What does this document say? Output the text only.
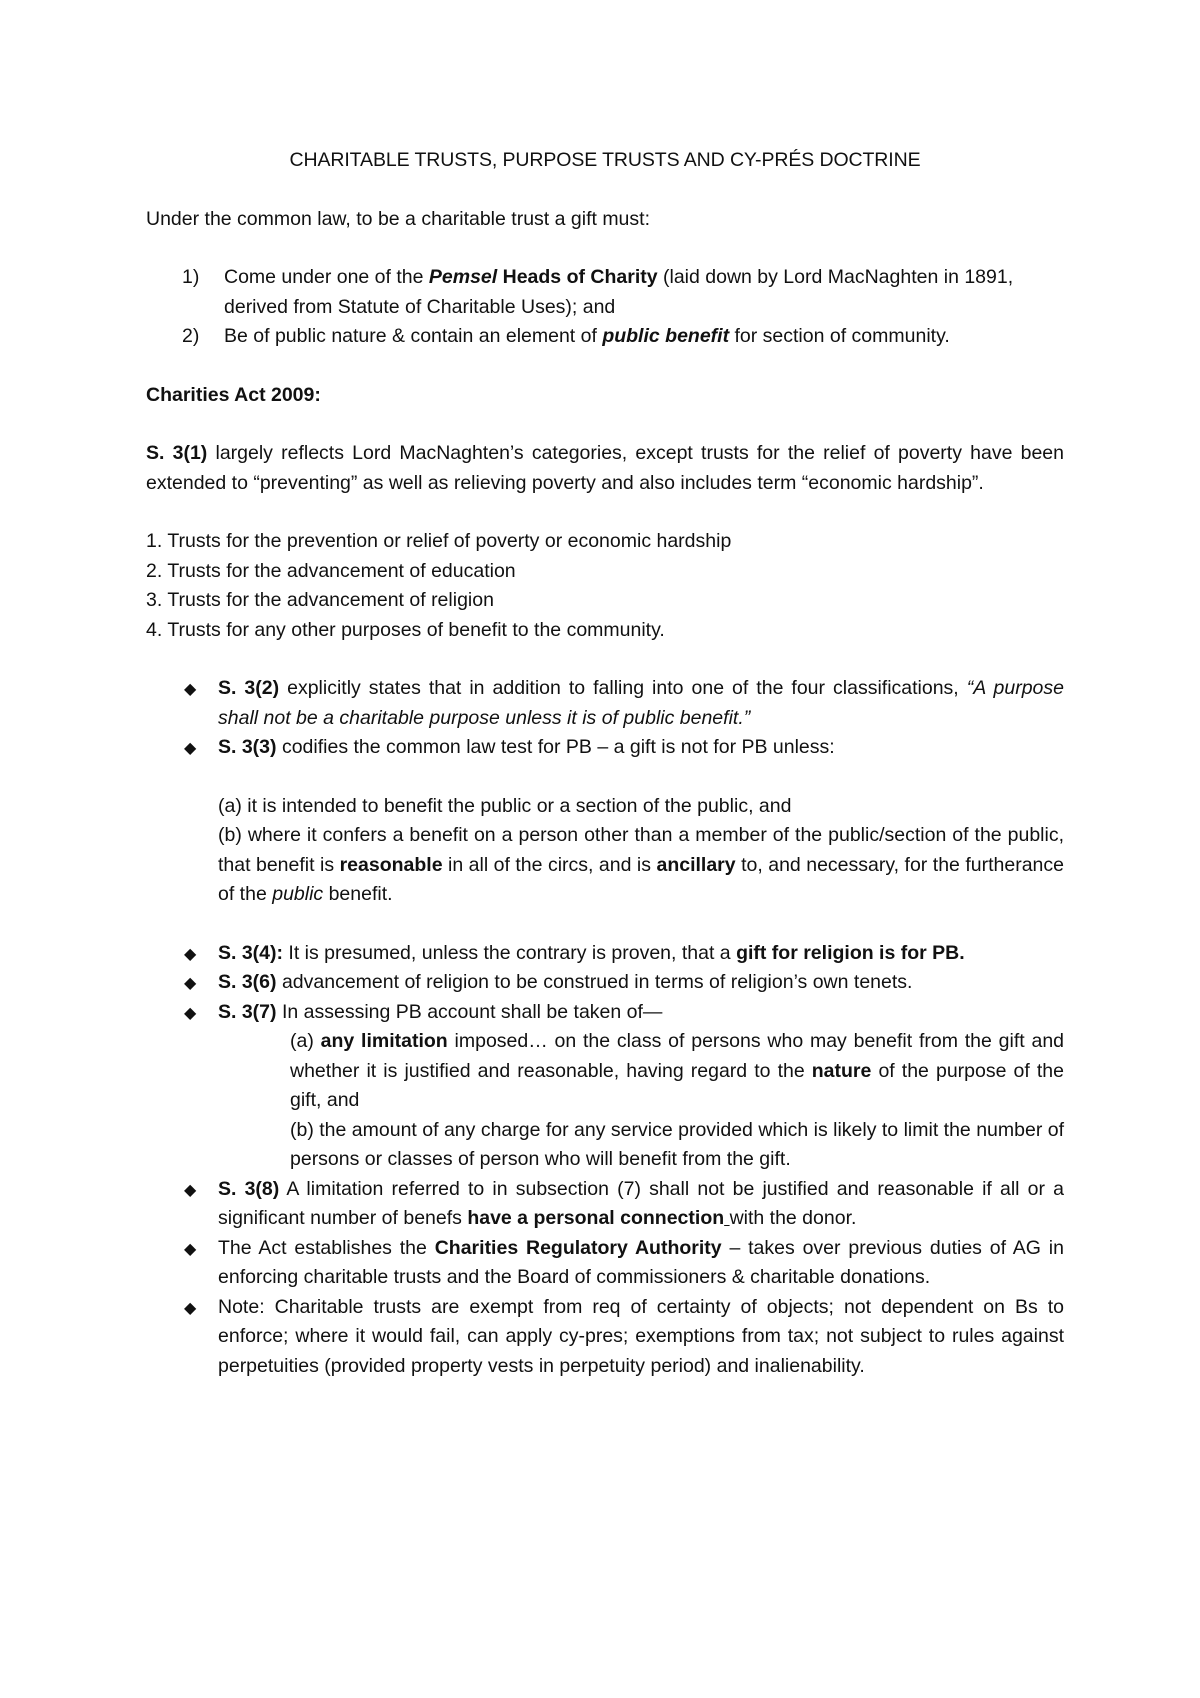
CHARITABLE TRUSTS, PURPOSE TRUSTS AND CY-PRÉS DOCTRINE

Under the common law, to be a charitable trust a gift must:

1) Come under one of the Pemsel Heads of Charity (laid down by Lord MacNaghten in 1891, derived from Statute of Charitable Uses); and
2) Be of public nature & contain an element of public benefit for section of community.

Charities Act 2009:

S. 3(1) largely reflects Lord MacNaghten’s categories, except trusts for the relief of poverty have been extended to “preventing” as well as relieving poverty and also includes term “economic hardship”.

1. Trusts for the prevention or relief of poverty or economic hardship

2. Trusts for the advancement of education

3. Trusts for the advancement of religion

4. Trusts for any other purposes of benefit to the community.

◆ S. 3(2) explicitly states that in addition to falling into one of the four classifications, “A purpose shall not be a charitable purpose unless it is of public benefit.”
◆ S. 3(3) codifies the common law test for PB – a gift is not for PB unless:

(a) it is intended to benefit the public or a section of the public, and

(b) where it confers a benefit on a person other than a member of the public/section of the public, that benefit is reasonable in all of the circs, and is ancillary to, and necessary, for the furtherance of the public benefit.

◆ S. 3(4): It is presumed, unless the contrary is proven, that a gift for religion is for PB.
◆ S. 3(6) advancement of religion to be construed in terms of religion’s own tenets.
◆ S. 3(7) In assessing PB account shall be taken of—

(a) any limitation imposed… on the class of persons who may benefit from the gift and whether it is justified and reasonable, having regard to the nature of the purpose of the gift, and

(b) the amount of any charge for any service provided which is likely to limit the number of persons or classes of person who will benefit from the gift.

◆ S. 3(8) A limitation referred to in subsection (7) shall not be justified and reasonable if all or a significant number of benefs have a personal connection with the donor.
◆ The Act establishes the Charities Regulatory Authority – takes over previous duties of AG in enforcing charitable trusts and the Board of commissioners & charitable donations.
◆ Note: Charitable trusts are exempt from req of certainty of objects; not dependent on Bs to enforce; where it would fail, can apply cy-pres; exemptions from tax; not subject to rules against perpetuities (provided property vests in perpetuity period) and inalienability.
